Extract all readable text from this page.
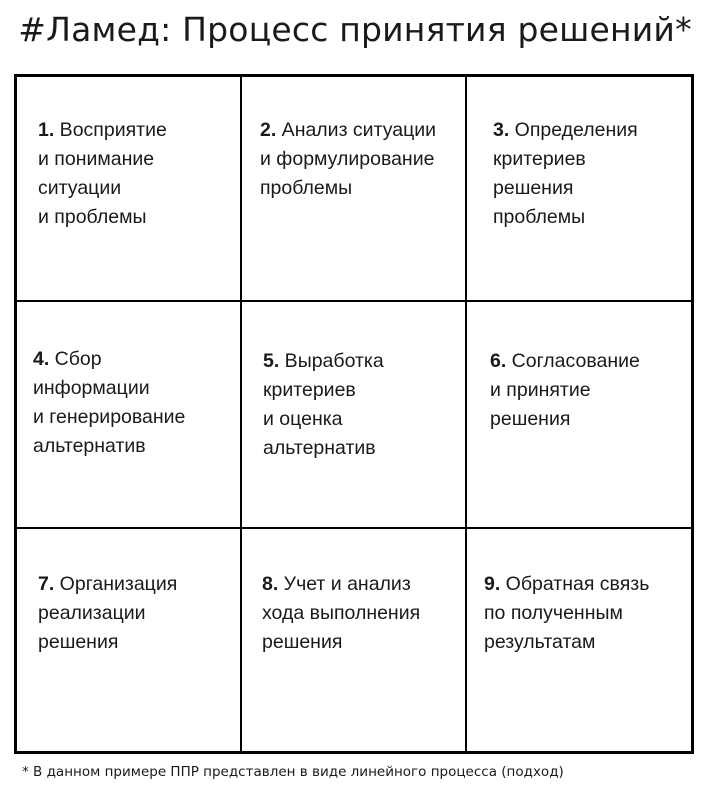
#Ламед: Процесс принятия решений*
1. Восприятие
и понимание
ситуации
и проблемы
2. Анализ ситуации
и формулирование
проблемы
3. Определения
критериев
решения
проблемы
4. Сбор
информации
и генерирование
альтернатив
5. Выработка
критериев
и оценка
альтернатив
6. Согласование
и принятие
решения
7. Организация
реализации
решения
8. Учет и анализ
хода выполнения
решения
9. Обратная связь
по полученным
результатам
* В данном примере ППР представлен в виде линейного процесса (подход)
